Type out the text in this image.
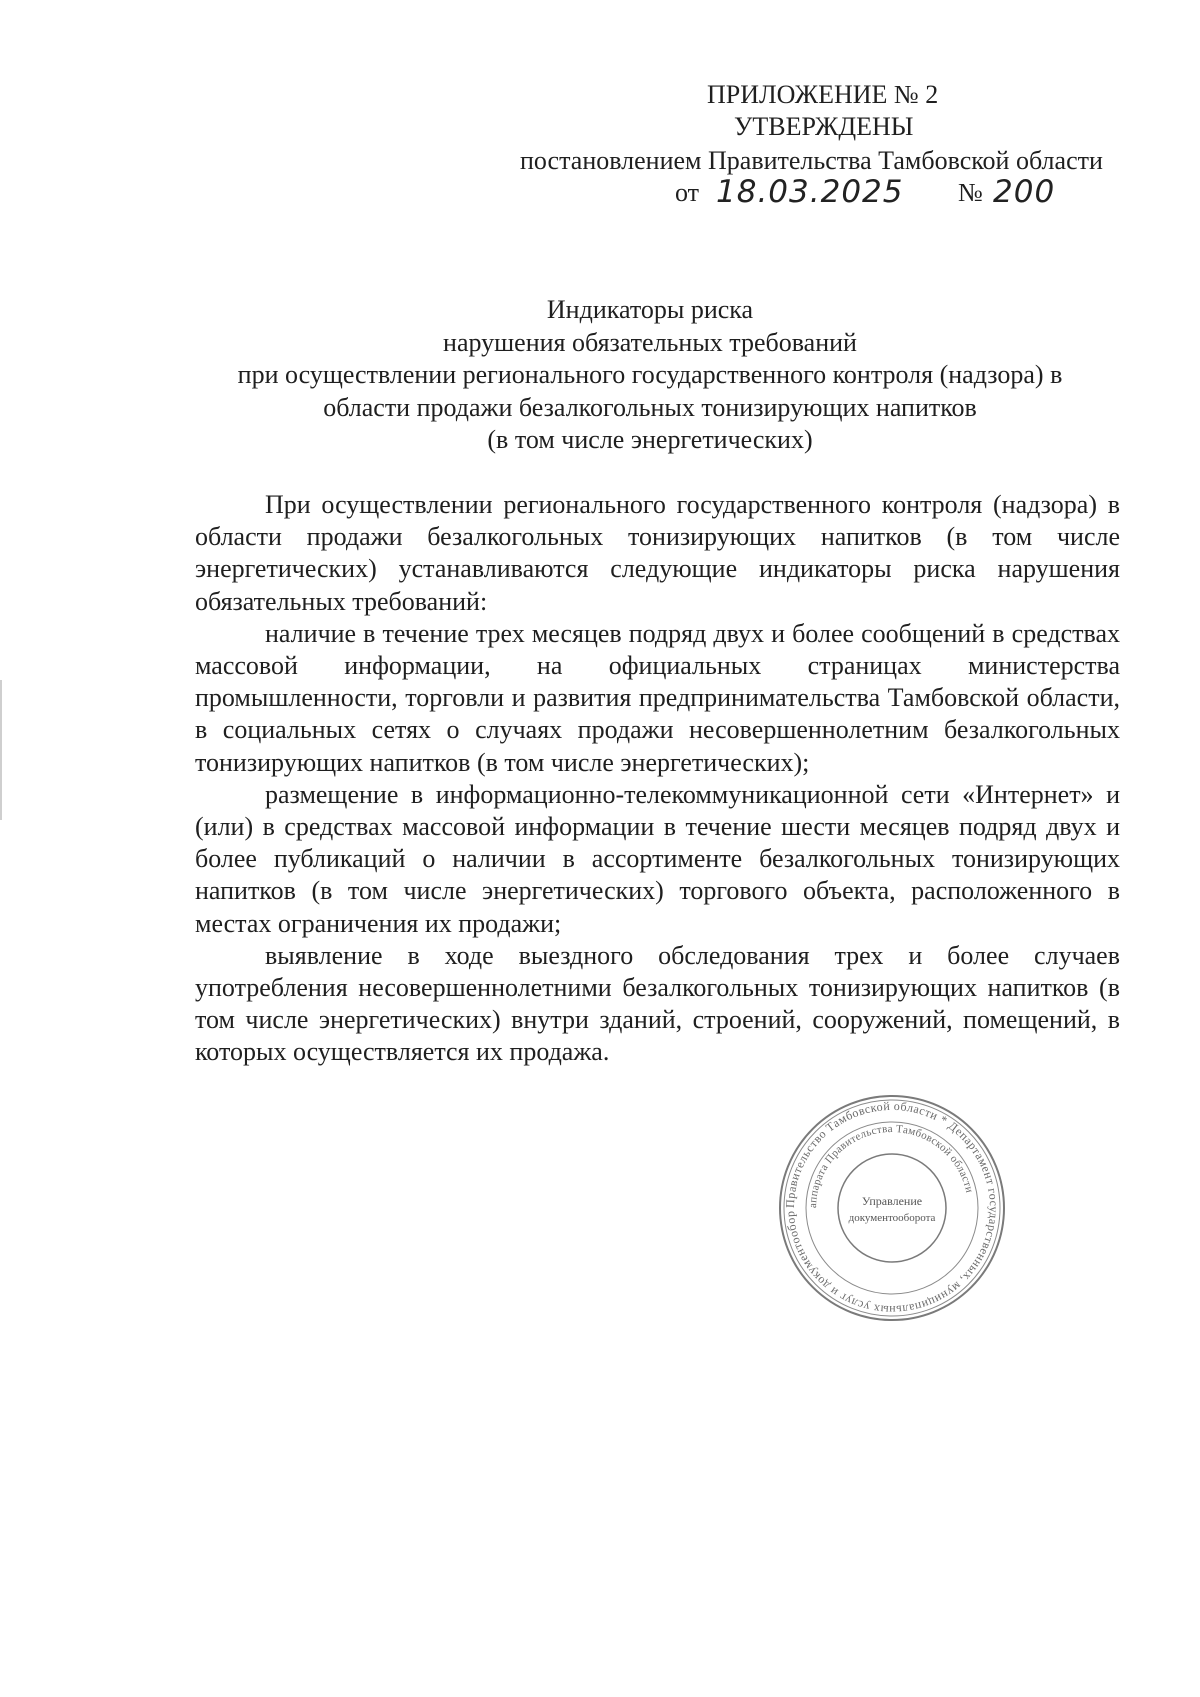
ПРИЛОЖЕНИЕ № 2
УТВЕРЖДЕНЫ
постановлением Правительства Тамбовской области
от 18.03.2025 № 200
Индикаторы риска
нарушения обязательных требований
при осуществлении регионального государственного контроля (надзора) в
области продажи безалкогольных тонизирующих напитков
(в том числе энергетических)

При осуществлении регионального государственного контроля (надзора) в области продажи безалкогольных тонизирующих напитков (в том числе энергетических) устанавливаются следующие индикаторы риска нарушения обязательных требований:

наличие в течение трех месяцев подряд двух и более сообщений в средствах массовой информации, на официальных страницах министерства промышленности, торговли и развития предпринимательства Тамбовской области, в социальных сетях о случаях продажи несовершеннолетним безалкогольных тонизирующих напитков (в том числе энергетических);

размещение в информационно-телекоммуникационной сети «Интернет» и (или) в средствах массовой информации в течение шести месяцев подряд двух и более публикаций о наличии в ассортименте безалкогольных тонизирующих напитков (в том числе энергетических) торгового объекта, расположенного в местах ограничения их продажи;

выявление в ходе выездного обследования трех и более случаев употребления несовершеннолетними безалкогольных тонизирующих напитков (в том числе энергетических) внутри зданий, строений, сооружений, помещений, в которых осуществляется их продажа.

Правительство Тамбовской области * Департамент государственных, муниципальных услуг и документообор
аппарата Правительства Тамбовской области
Управление
документооборота
